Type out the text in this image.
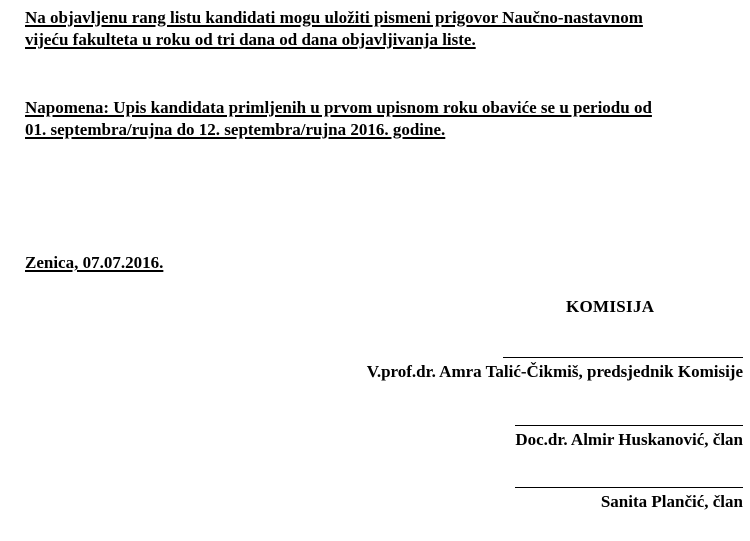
Na objavljenu rang listu kandidati mogu uložiti pismeni prigovor Naučno-nastavnom
vijeću fakulteta u roku od tri dana od dana objavljivanja liste.
Napomena: Upis kandidata primljenih u prvom upisnom roku obaviće se u periodu od
01. septembra/rujna do 12. septembra/rujna 2016. godine.
Zenica, 07.07.2016.
KOMISIJA
V.prof.dr. Amra Talić-Čikmiš, predsjednik Komisije
Doc.dr. Almir Huskanović, član
Sanita Plančić, član
